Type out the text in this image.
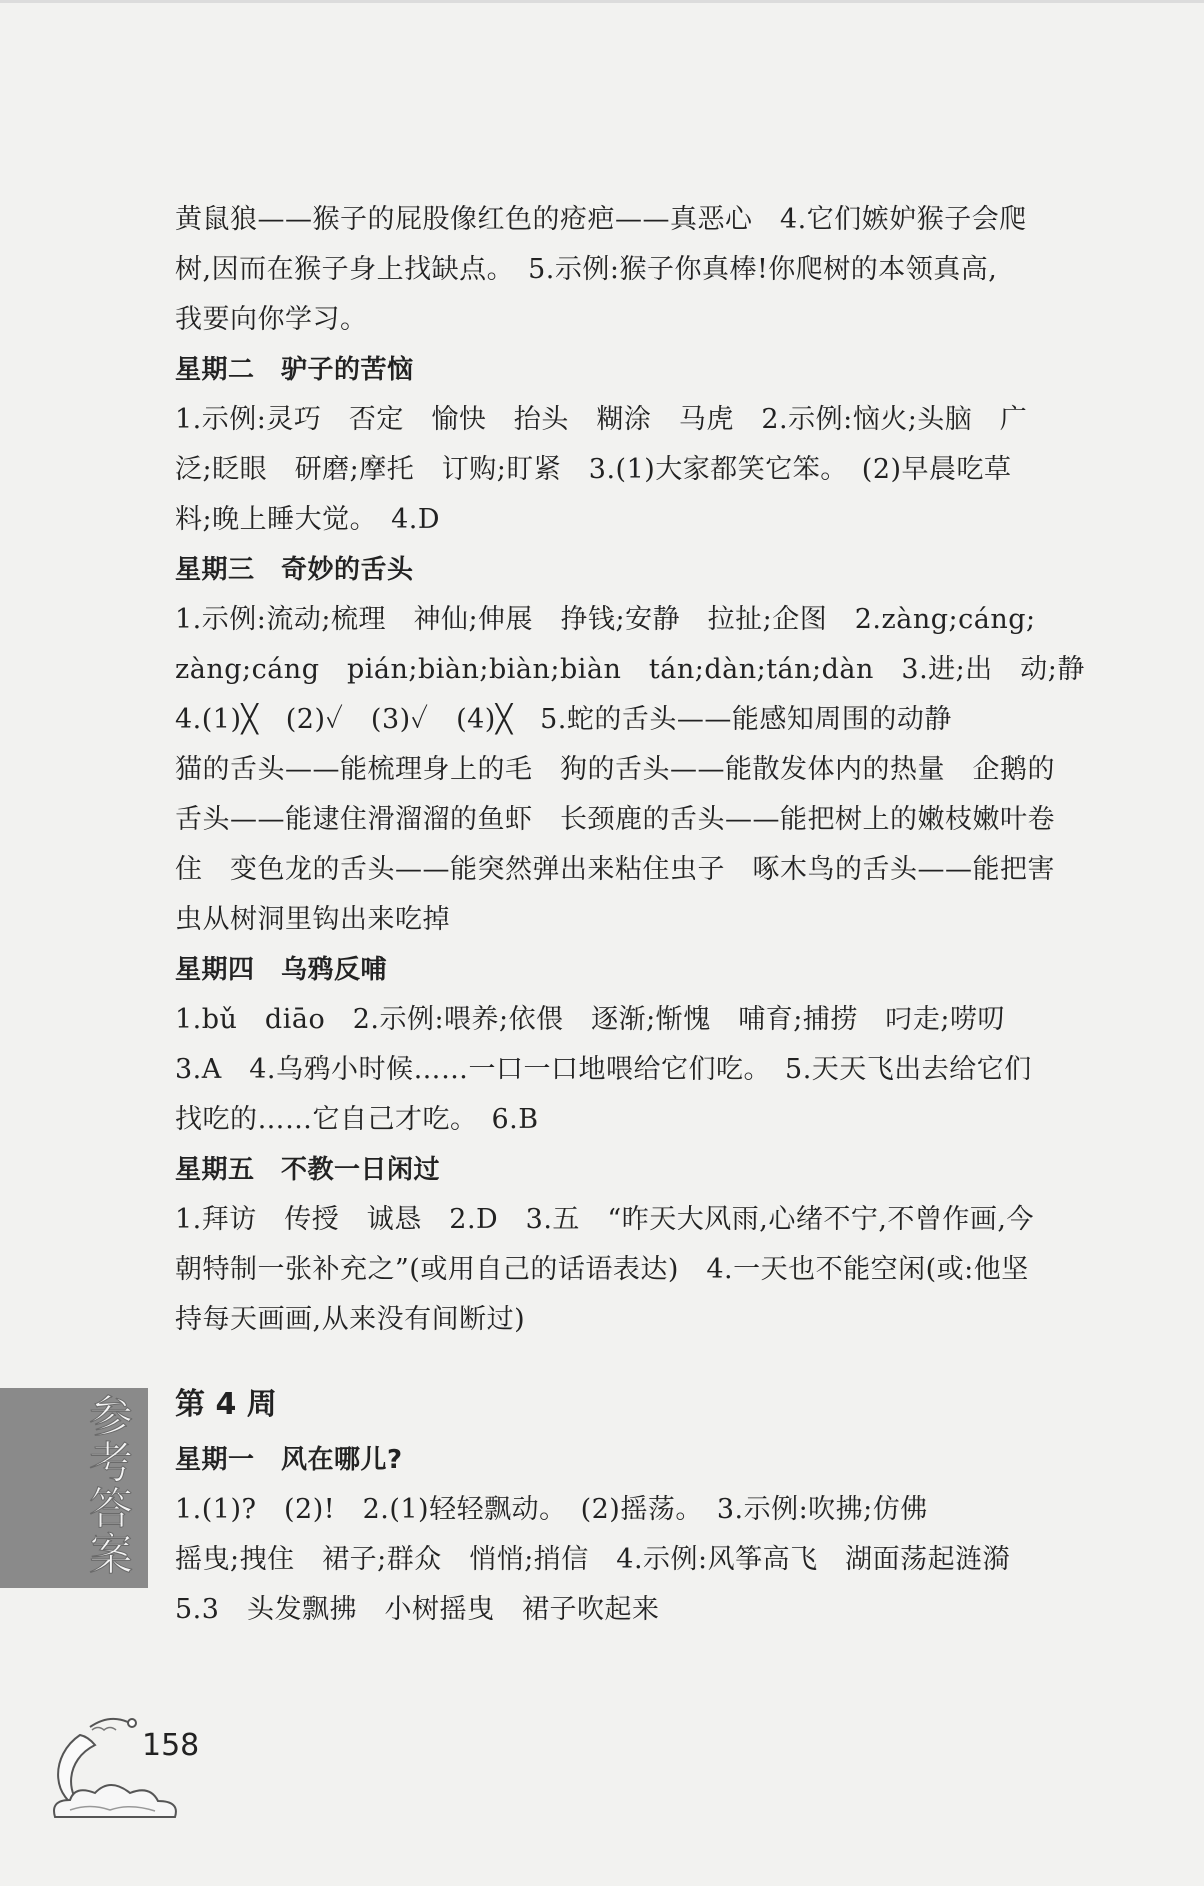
黄鼠狼——猴子的屁股像红色的疮疤——真恶心　4.它们嫉妒猴子会爬
树,因而在猴子身上找缺点。　5.示例:猴子你真棒!你爬树的本领真高,
我要向你学习。
星期二　驴子的苦恼
1.示例:灵巧　否定　愉快　抬头　糊涂　马虎　2.示例:恼火;头脑　广
泛;眨眼　研磨;摩托　订购;盯紧　3.(1)大家都笑它笨。　(2)早晨吃草
料;晚上睡大觉。　4.D
星期三　奇妙的舌头
1.示例:流动;梳理　神仙;伸展　挣钱;安静　拉扯;企图　2.zàng;cáng;
zàng;cáng　pián;biàn;biàn;biàn　tán;dàn;tán;dàn　3.进;出　动;静
4.(1)╳　(2)✓　(3)✓　(4)╳　5.蛇的舌头——能感知周围的动静
猫的舌头——能梳理身上的毛　狗的舌头——能散发体内的热量　企鹅的
舌头——能逮住滑溜溜的鱼虾　长颈鹿的舌头——能把树上的嫩枝嫩叶卷
住　变色龙的舌头——能突然弹出来粘住虫子　啄木鸟的舌头——能把害
虫从树洞里钩出来吃掉
星期四　乌鸦反哺
1.bǔ　diāo　2.示例:喂养;依偎　逐渐;惭愧　哺育;捕捞　叼走;唠叨
3.A　4.乌鸦小时候……一口一口地喂给它们吃。　5.天天飞出去给它们
找吃的……它自己才吃。　6.B
星期五　不教一日闲过
1.拜访　传授　诚恳　2.D　3.五　“昨天大风雨,心绪不宁,不曾作画,今
朝特制一张补充之”(或用自己的话语表达)　4.一天也不能空闲(或:他坚
持每天画画,从来没有间断过)
第 4 周
星期一　风在哪儿?
1.(1)?　(2)!　2.(1)轻轻飘动。　(2)摇荡。　3.示例:吹拂;仿佛
摇曳;拽住　裙子;群众　悄悄;捎信　4.示例:风筝高飞　湖面荡起涟漪
5.3　头发飘拂　小树摇曳　裙子吹起来
参考答案
158
